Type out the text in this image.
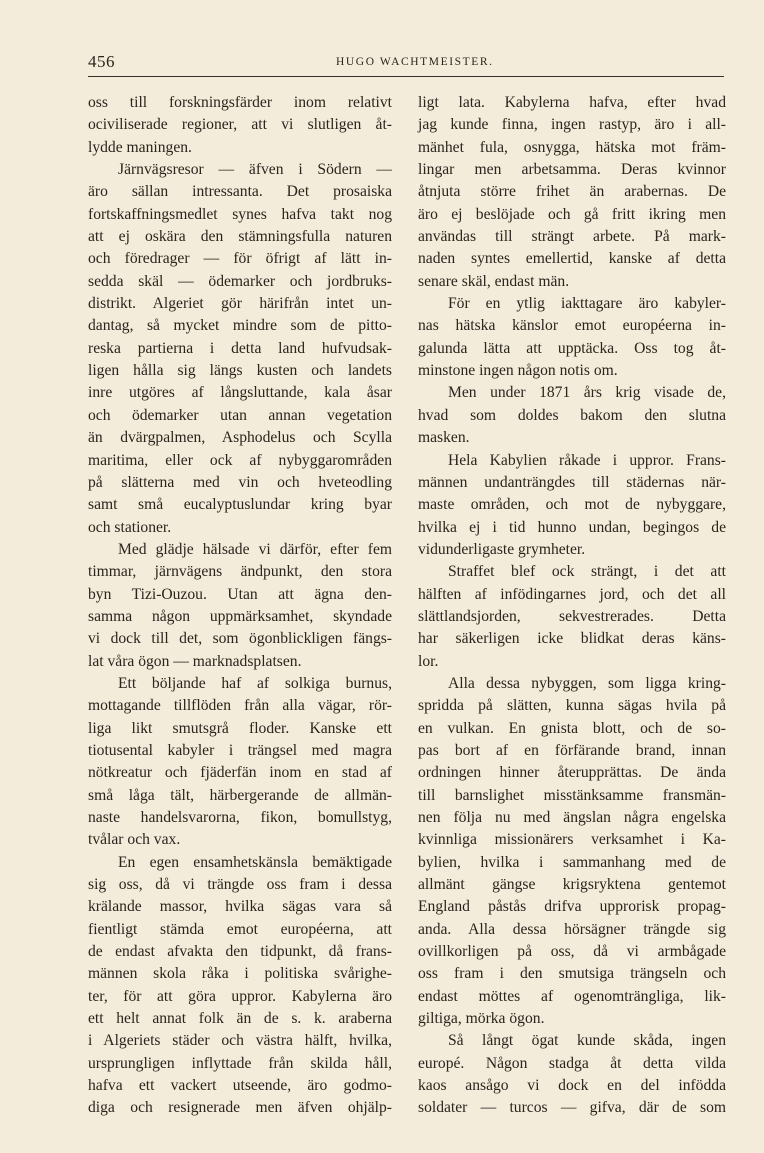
456	HUGO WACHTMEISTER.
oss till forskningsfärder inom relativt
ociviliserade regioner, att vi slutligen åt-
lydde maningen.
Järnvägsresor — äfven i Södern —
äro sällan intressanta. Det prosaiska
fortskaffningsmedlet synes hafva takt nog
att ej oskära den stämningsfulla naturen
och föredrager — för öfrigt af lätt in-
sedda skäl — ödemarker och jordbruks-
distrikt. Algeriet gör härifrån intet un-
dantag, så mycket mindre som de pitto-
reska partierna i detta land hufvudsak-
ligen hålla sig längs kusten och landets
inre utgöres af långsluttande, kala åsar
och ödemarker utan annan vegetation
än dvärgpalmen, Asphodelus och Scylla
maritima, eller ock af nybyggarområden
på slätterna med vin och hveteodling
samt små eucalyptuslundar kring byar
och stationer.
Med glädje hälsade vi därför, efter fem
timmar, järnvägens ändpunkt, den stora
byn Tizi-Ouzou. Utan att ägna den-
samma någon uppmärksamhet, skyndade
vi dock till det, som ögonblickligen fängs-
lat våra ögon — marknadsplatsen.
Ett böljande haf af solkiga burnus,
mottagande tillflöden från alla vägar, rör-
liga likt smutsgrå floder. Kanske ett
tiotusental kabyler i trängsel med magra
nötkreatur och fjäderfän inom en stad af
små låga tält, härbergerande de allmän-
naste handelsvarorna, fikon, bomullstyg,
tvålar och vax.
En egen ensamhetskänsla bemäktigade
sig oss, då vi trängde oss fram i dessa
krälande massor, hvilka sägas vara så
fientligt stämda emot européerna, att
de endast afvakta den tidpunkt, då frans-
männen skola råka i politiska svårighe-
ter, för att göra uppror. Kabylerna äro
ett helt annat folk än de s. k. araberna
i Algeriets städer och västra hälft, hvilka,
ursprungligen inflyttade från skilda håll,
hafva ett vackert utseende, äro godmo-
diga och resignerade men äfven ohjälp-
ligt lata. Kabylerna hafva, efter hvad
jag kunde finna, ingen rastyp, äro i all-
mänhet fula, osnygga, hätska mot främ-
lingar men arbetsamma. Deras kvinnor
åtnjuta större frihet än arabernas. De
äro ej beslöjade och gå fritt ikring men
användas till strängt arbete. På mark-
naden syntes emellertid, kanske af detta
senare skäl, endast män.
För en ytlig iakttagare äro kabyler-
nas hätska känslor emot européerna in-
galunda lätta att upptäcka. Oss tog åt-
minstone ingen någon notis om.
Men under 1871 års krig visade de,
hvad som doldes bakom den slutna
masken.
Hela Kabylien råkade i uppror. Frans-
männen undanträngdes till städernas när-
maste områden, och mot de nybyggare,
hvilka ej i tid hunno undan, begingos de
vidunderligaste grymheter.
Straffet blef ock strängt, i det att
hälften af infödingarnes jord, och det all
slättlandsjorden, sekvestrerades. Detta
har säkerligen icke blidkat deras käns-
lor.
Alla dessa nybyggen, som ligga kring-
spridda på slätten, kunna sägas hvila på
en vulkan. En gnista blott, och de so-
pas bort af en förfärande brand, innan
ordningen hinner återupprättas. De ända
till barnslighet misstänksamme fransmän-
nen följa nu med ängslan några engelska
kvinnliga missionärers verksamhet i Ka-
bylien, hvilka i sammanhang med de
allmänt gängse krigsryktena gentemot
England påstås drifva upprorisk propag-
anda. Alla dessa hörsägner trängde sig
ovillkorligen på oss, då vi armbågade
oss fram i den smutsiga trängseln och
endast möttes af ogenomträngliga, lik-
giltiga, mörka ögon.
Så långt ögat kunde skåda, ingen
europé. Någon stadga åt detta vilda
kaos ansågo vi dock en del infödda
soldater — turcos — gifva, där de som
